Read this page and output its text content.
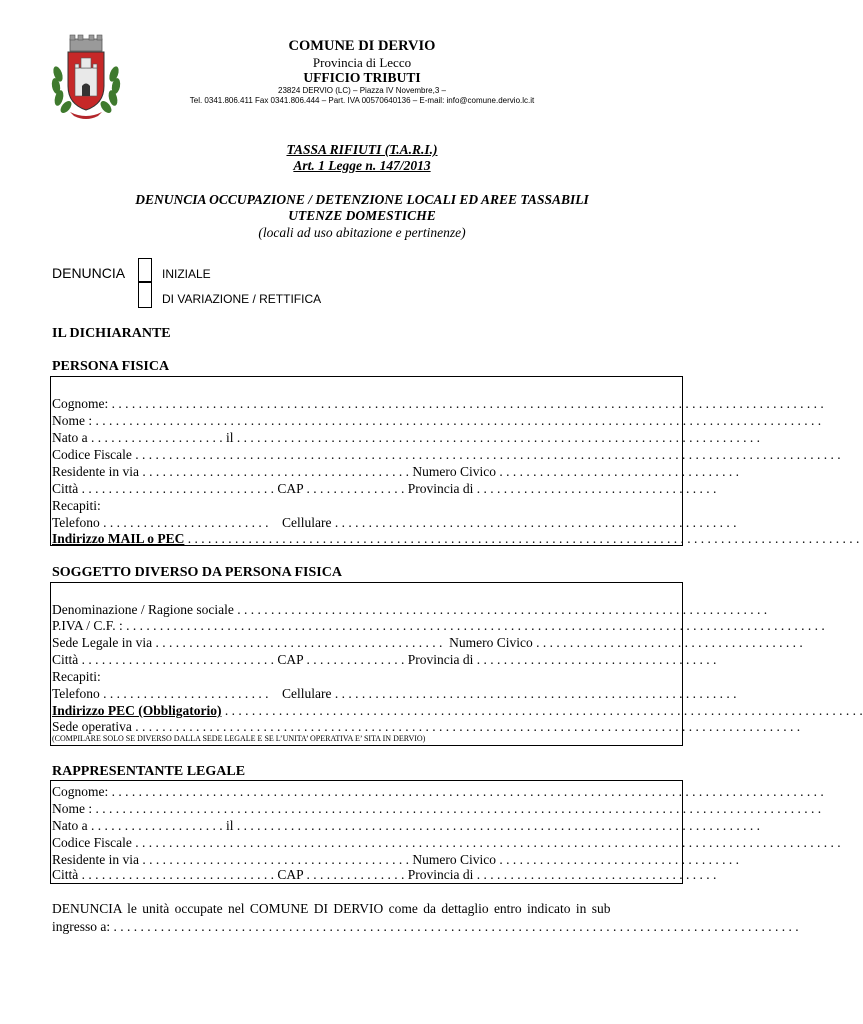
COMUNE DI DERVIO
Provincia di Lecco
UFFICIO TRIBUTI
23824 DERVIO (LC) – Piazza IV Novembre,3 –
Tel. 0341.806.411 Fax 0341.806.444 – Part. IVA 00570640136 – E-mail: info@comune.dervio.lc.it
TASSA RIFIUTI (T.A.R.I.)
Art. 1 Legge n. 147/2013
DENUNCIA OCCUPAZIONE / DETENZIONE LOCALI ED AREE TASSABILI
UTENZE DOMESTICHE
(locali ad uso abitazione e pertinenze)
DENUNCIA	INIZIALE
DI VARIAZIONE / RETTIFICA
IL DICHIARANTE
PERSONA FISICA
Cognome: . . . . . . . . . . . . . . . . . . . . . . . . . . . . . . . . . . . . . . . . . . . . . . . . . . . . . . . . . . . . . . . . . . . . . . . . . . . . . . . . . . . . . . . . . . . . . . . . . . . . . . . . . .
Nome : . . . . . . . . . . . . . . . . . . . . . . . . . . . . . . . . . . . . . . . . . . . . . . . . . . . . . . . . . . . . . . . . . . . . . . . . . . . . . . . . . . . . . . . . . . . . . . . . . . . . . . . . . . . .
Nato a . . . . . . . . . . . . . . . . . . . . il . . . . . . . . . . . . . . . . . . . . . . . . . . . . . . . . . . . . . . . . . . . . . . . . . . . . . . . . . . . . . . . . . . . . . . . . . . . . . .
Codice Fiscale . . . . . . . . . . . . . . . . . . . . . . . . . . . . . . . . . . . . . . . . . . . . . . . . . . . . . . . . . . . . . . . . . . . . . . . . . . . . . . . . . . . . . . . . . . . . . . . . . . . . . . . . .
Residente in via . . . . . . . . . . . . . . . . . . . . . . . . . . . . . . . . . . . . . . . . Numero Civico . . . . . . . . . . . . . . . . . . . . . . . . . . . . . . . . . . . .
Città . . . . . . . . . . . . . . . . . . . . . . . . . . . . . CAP . . . . . . . . . . . . . . . Provincia di . . . . . . . . . . . . . . . . . . . . . . . . . . . . . . . . . . . .
Recapiti:
Telefono . . . . . . . . . . . . . . . . . . . . . . . . .    Cellulare . . . . . . . . . . . . . . . . . . . . . . . . . . . . . . . . . . . . . . . . . . . . . . . . . . . . . . . . . . . .
Indirizzo MAIL o PEC . . . . . . . . . . . . . . . . . . . . . . . . . . . . . . . . . . . . . . . . . . . . . . . . . . . . . . . . . . . . . . . . . . . . . . . . . . . . . . . . . . . . . . . . . . . . . . . . . . . .
SOGGETTO DIVERSO DA PERSONA FISICA
Denominazione / Ragione sociale . . . . . . . . . . . . . . . . . . . . . . . . . . . . . . . . . . . . . . . . . . . . . . . . . . . . . . . . . . . . . . . . . . . . . . . . . . . . . . .
P.IVA / C.F. : . . . . . . . . . . . . . . . . . . . . . . . . . . . . . . . . . . . . . . . . . . . . . . . . . . . . . . . . . . . . . . . . . . . . . . . . . . . . . . . . . . . . . . . . . . . . . . . . . . . . . . . .
Sede Legale in via . . . . . . . . . . . . . . . . . . . . . . . . . . . . . . . . . . . . . . . . . . .  Numero Civico . . . . . . . . . . . . . . . . . . . . . . . . . . . . . . . . . . . . . . . .
Città . . . . . . . . . . . . . . . . . . . . . . . . . . . . . CAP . . . . . . . . . . . . . . . Provincia di . . . . . . . . . . . . . . . . . . . . . . . . . . . . . . . . . . . .
Recapiti:
Telefono . . . . . . . . . . . . . . . . . . . . . . . . .    Cellulare . . . . . . . . . . . . . . . . . . . . . . . . . . . . . . . . . . . . . . . . . . . . . . . . . . . . . . . . . . . .
Indirizzo PEC (Obbligatorio) . . . . . . . . . . . . . . . . . . . . . . . . . . . . . . . . . . . . . . . . . . . . . . . . . . . . . . . . . . . . . . . . . . . . . . . . . . . . . . . . . . . . . . . . . . . . . . .
Sede operativa . . . . . . . . . . . . . . . . . . . . . . . . . . . . . . . . . . . . . . . . . . . . . . . . . . . . . . . . . . . . . . . . . . . . . . . . . . . . . . . . . . . . . . . . . . . . . . . . . . .
(COMPILARE SOLO SE DIVERSO DALLA SEDE LEGALE E SE L’UNITA’ OPERATIVA E’ SITA IN DERVIO)
RAPPRESENTANTE LEGALE
Cognome: . . . . . . . . . . . . . . . . . . . . . . . . . . . . . . . . . . . . . . . . . . . . . . . . . . . . . . . . . . . . . . . . . . . . . . . . . . . . . . . . . . . . . . . . . . . . . . . . . . . . . . . . . .
Nome : . . . . . . . . . . . . . . . . . . . . . . . . . . . . . . . . . . . . . . . . . . . . . . . . . . . . . . . . . . . . . . . . . . . . . . . . . . . . . . . . . . . . . . . . . . . . . . . . . . . . . . . . . . . .
Nato a . . . . . . . . . . . . . . . . . . . . il . . . . . . . . . . . . . . . . . . . . . . . . . . . . . . . . . . . . . . . . . . . . . . . . . . . . . . . . . . . . . . . . . . . . . . . . . . . . . .
Codice Fiscale . . . . . . . . . . . . . . . . . . . . . . . . . . . . . . . . . . . . . . . . . . . . . . . . . . . . . . . . . . . . . . . . . . . . . . . . . . . . . . . . . . . . . . . . . . . . . . . . . . . . . . . . .
Residente in via . . . . . . . . . . . . . . . . . . . . . . . . . . . . . . . . . . . . . . . . Numero Civico . . . . . . . . . . . . . . . . . . . . . . . . . . . . . . . . . . . .
Città . . . . . . . . . . . . . . . . . . . . . . . . . . . . . CAP . . . . . . . . . . . . . . . Provincia di . . . . . . . . . . . . . . . . . . . . . . . . . . . . . . . . . . . .
DENUNCIA le unità occupate nel COMUNE DI DERVIO come da dettaglio entro indicato in sub
ingresso a: . . . . . . . . . . . . . . . . . . . . . . . . . . . . . . . . . . . . . . . . . . . . . . . . . . . . . . . . . . . . . . . . . . . . . . . . . . . . . . . . . . . . . . . . . . . . . . . . . . . . . .
